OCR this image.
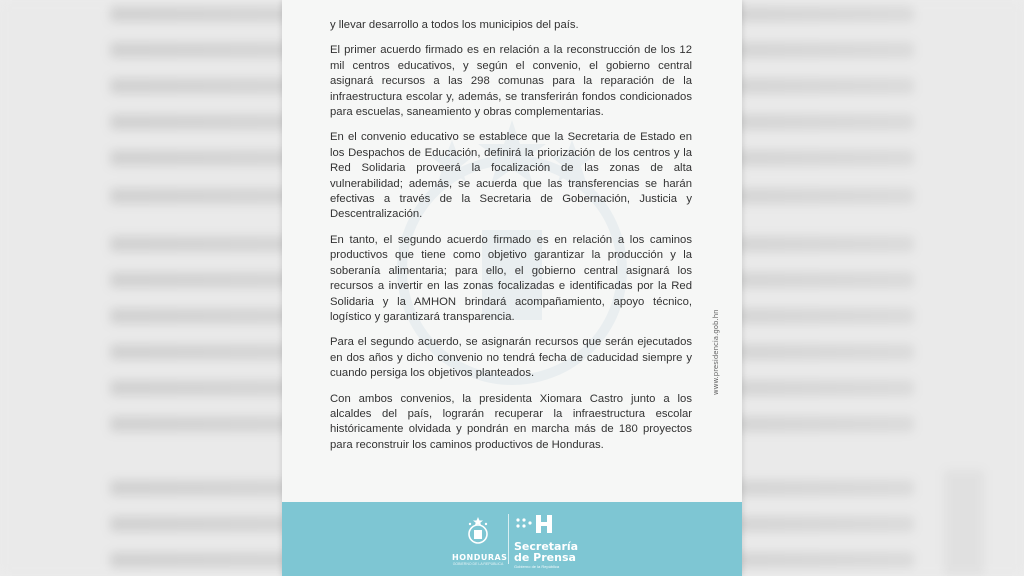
y llevar desarrollo a todos los municipios del país.

El primer acuerdo firmado es en relación a la reconstrucción de los 12 mil centros educativos, y según el convenio, el gobierno central asignará recursos a las 298 comunas para la reparación de la infraestructura escolar y, además, se transferirán fondos condicionados para escuelas, saneamiento y obras complementarias.

En el convenio educativo se establece que la Secretaria de Estado en los Despachos de Educación, definirá la priorización de los centros y la Red Solidaria proveerá la focalización de las zonas de alta vulnerabilidad; además, se acuerda que las transferencias se harán efectivas a través de la Secretaria de Gobernación, Justicia y Descentralización.

En tanto, el segundo acuerdo firmado es en relación a los caminos productivos que tiene como objetivo garantizar la producción y la soberanía alimentaria; para ello, el gobierno central asignará los recursos a invertir en las zonas focalizadas e identificadas por la Red Solidaria y la AMHON brindará acompañamiento, apoyo técnico, logístico y garantizará transparencia.

Para el segundo acuerdo, se asignarán recursos que serán ejecutados en dos años y dicho convenio no tendrá fecha de caducidad siempre y cuando persiga los objetivos planteados.

Con ambos convenios, la presidenta Xiomara Castro junto a los alcaldes del país, lograrán recuperar la infraestructura escolar históricamente olvidada y pondrán en marcha más de 180 proyectos para reconstruir los caminos productivos de Honduras.

www.presidencia.gob.hn
HONDURAS
GOBIERNO DE LA REPÚBLICA
Secretaría
de Prensa
Gobierno de la República
